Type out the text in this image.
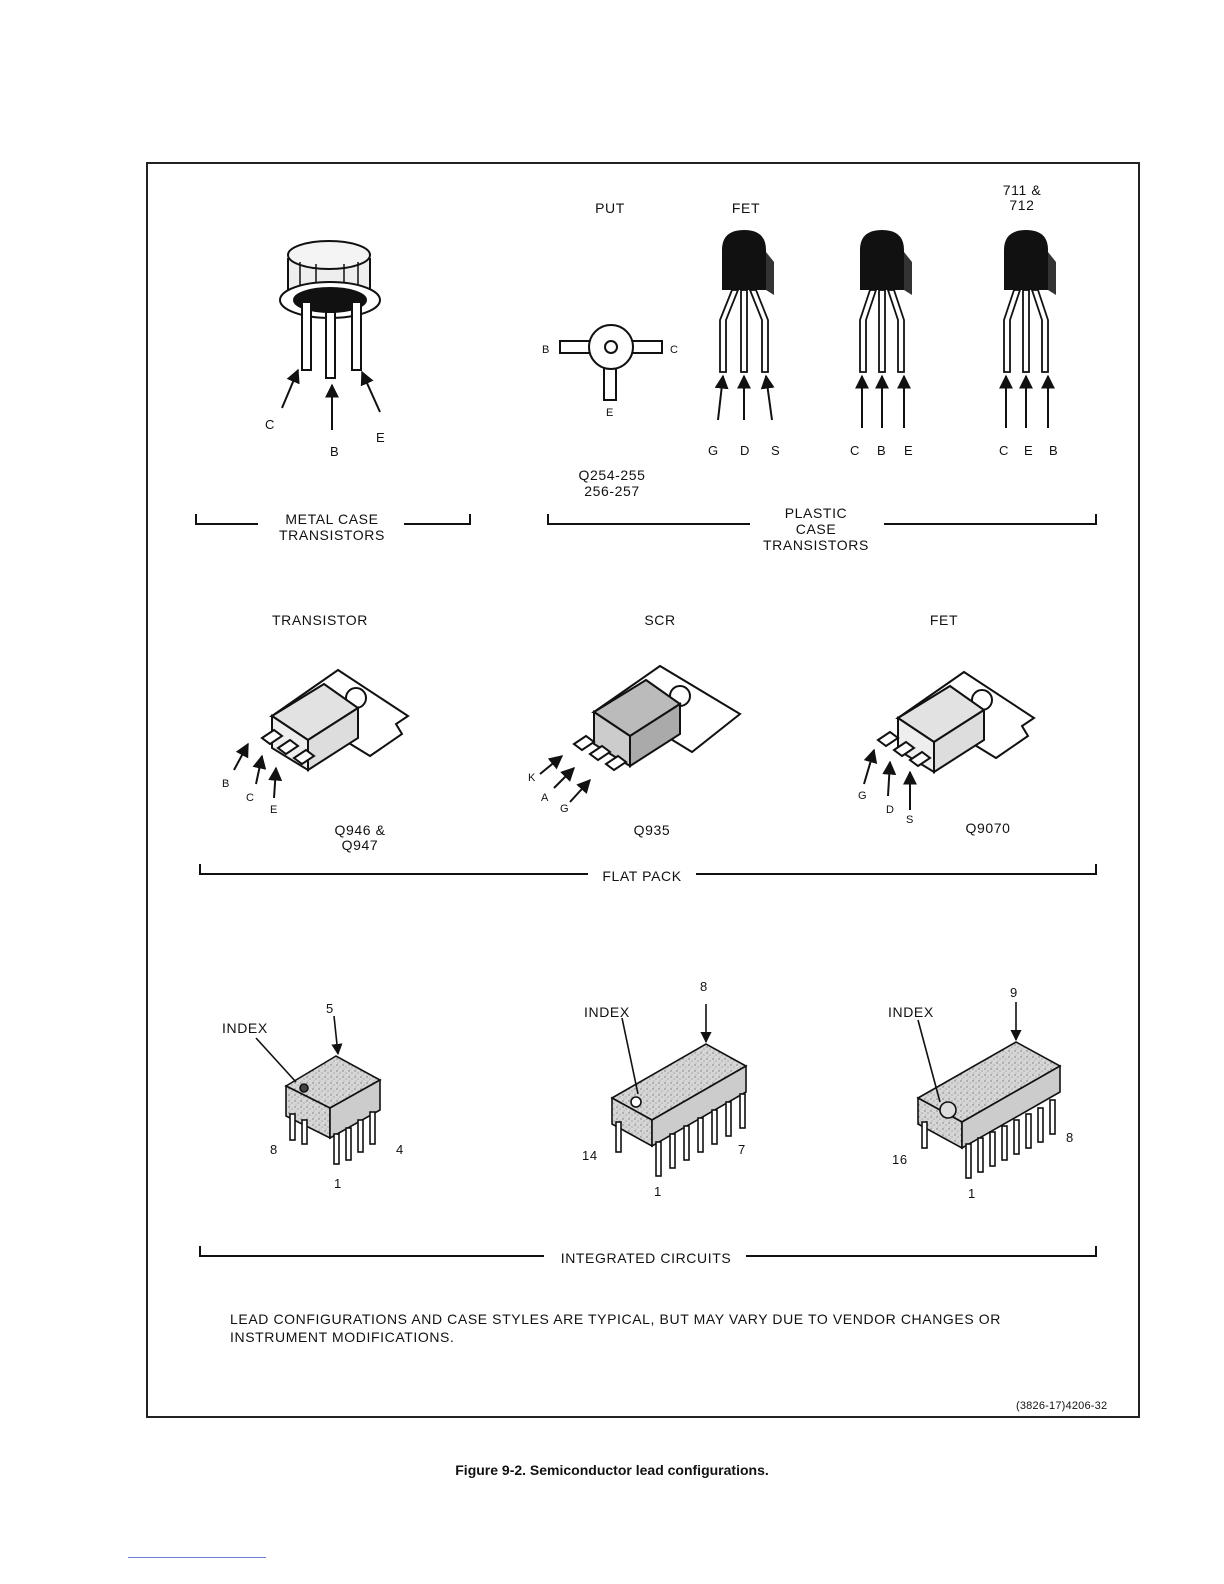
C
B
E
METAL CASE
TRANSISTORS
PUT
B	C
E
Q254-255
256-257
FET
G D S	C B E
711 &
712
C E B
PLASTIC
CASE
TRANSISTORS
TRANSISTOR
B
C
E
Q946 &
Q947
SCR
K
A
G
Q935
FET
G
D
S	Q9070
FLAT PACK
INDEX
5
8	4
1
INDEX
8
14	7
1
INDEX
9
16
8
1
INTEGRATED CIRCUITS
LEAD CONFIGURATIONS AND CASE STYLES ARE TYPICAL, BUT MAY VARY DUE TO VENDOR CHANGES OR
INSTRUMENT MODIFICATIONS.
(3826-17)4206-32
Figure 9-2. Semiconductor lead configurations.
